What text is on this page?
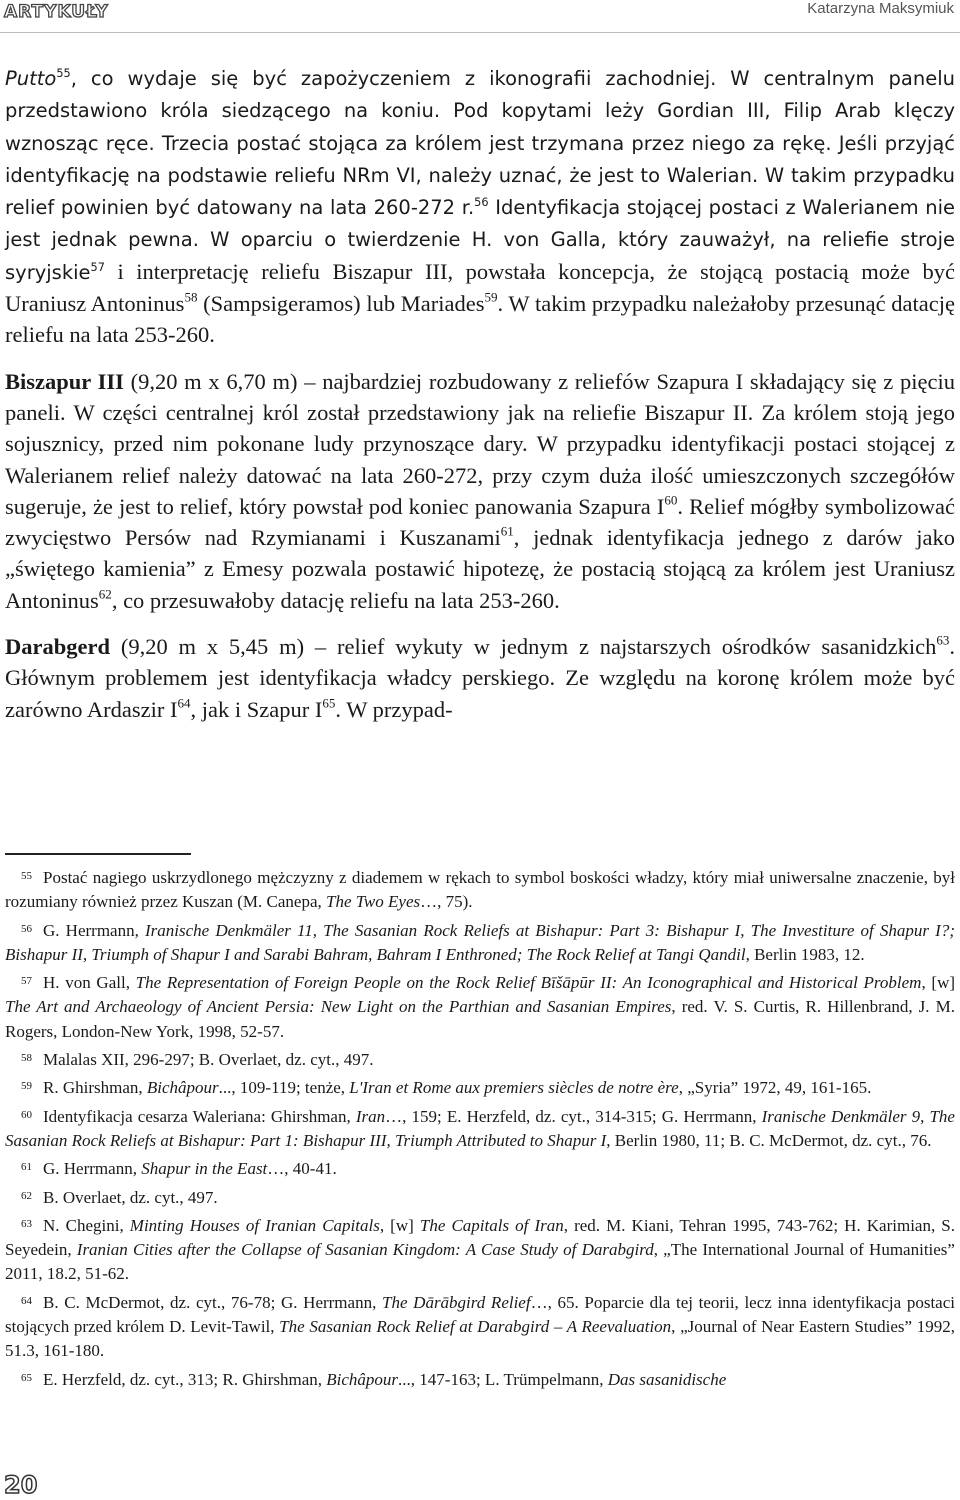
ARTYKUŁY	Katarzyna Maksymiuk

Putto$^{55}$, co wydaje się być zapożyczeniem z ikonografii zachodniej. W centralnym panelu przedstawiono króla siedzącego na koniu. Pod kopytami leży Gordian III, Filip Arab klęczy wznosząc ręce. Trzecia postać stojąca za królem jest trzymana przez niego za rękę. Jeśli przyjąć identyfikację na podstawie reliefu NRm VI, należy uznać, że jest to Walerian. W takim przypadku relief powinien być datowany na lata 260-272 r.$^{56}$ Identyfikacja stojącej postaci z Walerianem nie jest jednak pewna. W oparciu o twierdzenie H. von Galla, który zauważył, na reliefie stroje syryjskie$^{57}$ i interpretację reliefu Biszapur III, powstała koncepcja, że stojącą postacią może być Uraniusz Antoninus$^{58}$ (Sampsigeramos) lub Mariades$^{59}$. W takim przypadku należałoby przesunąć datację reliefu na lata 253-260.

Biszapur III (9,20 m x 6,70 m) – najbardziej rozbudowany z reliefów Szapura I składający się z pięciu paneli. W części centralnej król został przedstawiony jak na reliefie Biszapur II. Za królem stoją jego sojusznicy, przed nim pokonane ludy przynoszące dary. W przypadku identyfikacji postaci stojącej z Walerianem relief należy datować na lata 260-272, przy czym duża ilość umieszczonych szczegółów sugeruje, że jest to relief, który powstał pod koniec panowania Szapura $I^{60}$. Relief mógłby symbolizować zwycięstwo Persów nad Rzymianami i Kuszanami$^{61}$, jednak identyfikacja jednego z darów jako „świętego kamienia” z Emesy pozwala postawić hipotezę, że postacią stojącą za królem jest Uraniusz Antoninus$^{62}$, co przesuwałoby datację reliefu na lata 253-260.

Darabgerd (9,20 m x 5,45 m) – relief wykuty w jednym z najstarszych ośrodków sasanidzkich$^{63}$. Głównym problemem jest identyfikacja władcy perskiego. Ze względu na koronę królem może być zarówno Ardaszir $I^{64}$, jak i Szapur $I^{65}$. W przypad-

55 Postać nagiego uskrzydlonego mężczyzny z diademem w rękach to symbol boskości władzy, który miał uniwersalne znaczenie, był rozumiany również przez Kuszan (M. Canepa, The Two Eyes…, 75).

56 G. Herrmann, Iranische Denkmäler 11, The Sasanian Rock Reliefs at Bishapur: Part 3: Bishapur I, The Investiture of Shapur I?; Bishapur II, Triumph of Shapur I and Sarabi Bahram, Bahram I Enthroned; The Rock Relief at Tangi Qandil, Berlin 1983, 12.

57 H. von Gall, The Representation of Foreign People on the Rock Relief Bīšāpūr II: An Iconographical and Historical Problem, [w] The Art and Archaeology of Ancient Persia: New Light on the Parthian and Sasanian Empires, red. V. S. Curtis, R. Hillenbrand, J. M. Rogers, London-New York, 1998, 52-57.

58 Malalas XII, 296-297; B. Overlaet, dz. cyt., 497.

59 R. Ghirshman, Bichâpour..., 109-119; tenże, L'Iran et Rome aux premiers siècles de notre ère, „Syria” 1972, 49, 161-165.

60 Identyfikacja cesarza Waleriana: Ghirshman, Iran…, 159; E. Herzfeld, dz. cyt., 314-315; G. Herrmann, Iranische Denkmäler 9, The Sasanian Rock Reliefs at Bishapur: Part 1: Bishapur III, Triumph Attributed to Shapur I, Berlin 1980, 11; B. C. McDermot, dz. cyt., 76.

61 G. Herrmann, Shapur in the East…, 40-41.

62 B. Overlaet, dz. cyt., 497.

63 N. Chegini, Minting Houses of Iranian Capitals, [w] The Capitals of Iran, red. M. Kiani, Tehran 1995, 743-762; H. Karimian, S. Seyedein, Iranian Cities after the Collapse of Sasanian Kingdom: A Case Study of Darabgird, „The International Journal of Humanities” 2011, 18.2, 51-62.

64 B. C. McDermot, dz. cyt., 76-78; G. Herrmann, The Dārābgird Relief…, 65. Poparcie dla tej teorii, lecz inna identyfikacja postaci stojących przed królem D. Levit-Tawil, The Sasanian Rock Relief at Darabgird – A Reevaluation, „Journal of Near Eastern Studies” 1992, 51.3, 161-180.

65 E. Herzfeld, dz. cyt., 313; R. Ghirshman, Bichâpour..., 147-163; L. Trümpelmann, Das sasanidische

20
